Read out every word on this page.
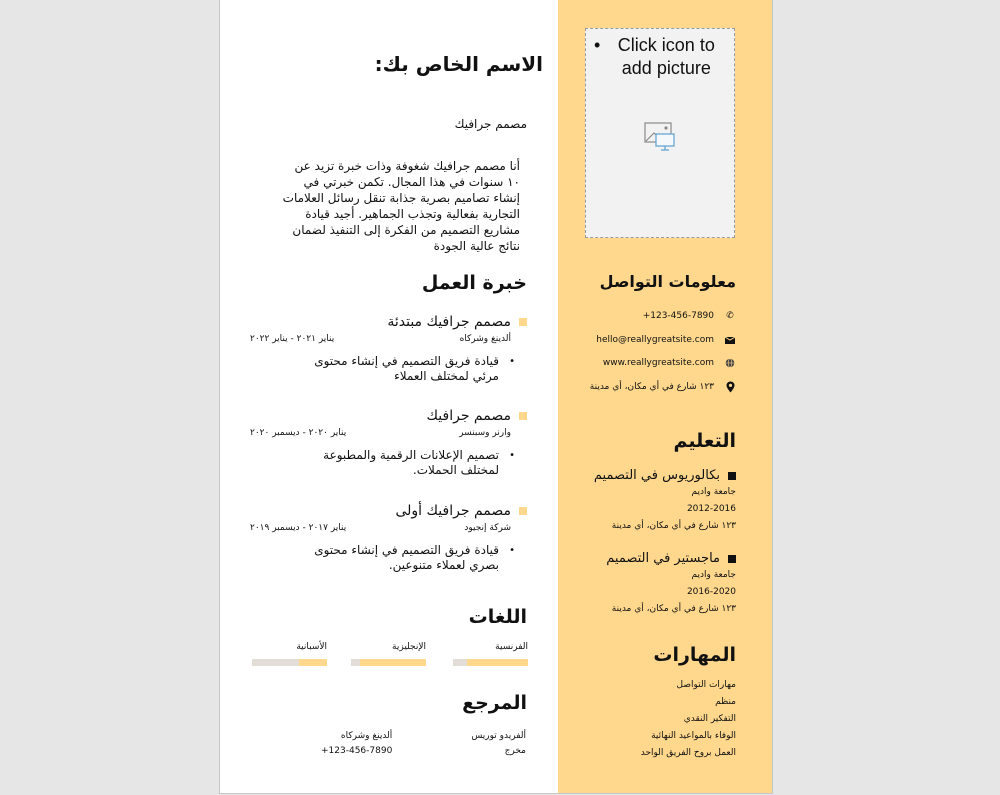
الاسم الخاص بك:
مصمم جرافيك
أنا مصمم جرافيك شغوفة وذات خبرة تزيد عن ١٠ سنوات في هذا المجال. تكمن خبرتي في إنشاء تصاميم بصرية جذابة تنقل رسائل العلامات التجارية بفعالية وتجذب الجماهير. أجيد قيادة مشاريع التصميم من الفكرة إلى التنفيذ لضمان نتائج عالية الجودة
خبرة العمل
مصمم جرافيك مبتدئة
ألدينغ وشركاه
يناير ٢٠٢١ - يناير ٢٠٢٢
• قيادة فريق التصميم في إنشاء محتوى مرئي لمختلف العملاء
مصمم جرافيك
وارنر وسبنسر
يناير ٢٠٢٠ - ديسمبر ٢٠٢٠
• تصميم الإعلانات الرقمية والمطبوعة لمختلف الحملات.
مصمم جرافيك أولى
شركة إنجيود
يناير ٢٠١٧ - ديسمبر ٢٠١٩
• قيادة فريق التصميم في إنشاء محتوى بصري لعملاء متنوعين.
اللغات
الفرنسية
الإنجليزية
الأسبانية
المرجع
ألفريدو توريس
مخرج
ألدينغ وشركاه
+123-456-7890
• Click icon to add picture
معلومات التواصل
+123-456-7890 ✆
hello@reallygreatsite.com
www.reallygreatsite.com
١٢٣ شارع في أي مكان، أي مدينة
التعليم
بكالوريوس في التصميم
جامعة واديم
2012-2016
١٢٣ شارع في أي مكان، أي مدينة
ماجستير في التصميم
جامعة واديم
2016-2020
١٢٣ شارع في أي مكان، أي مدينة
المهارات
مهارات التواصل
منظم
التفكير النقدي
الوفاء بالمواعيد النهائية
العمل بروح الفريق الواحد
